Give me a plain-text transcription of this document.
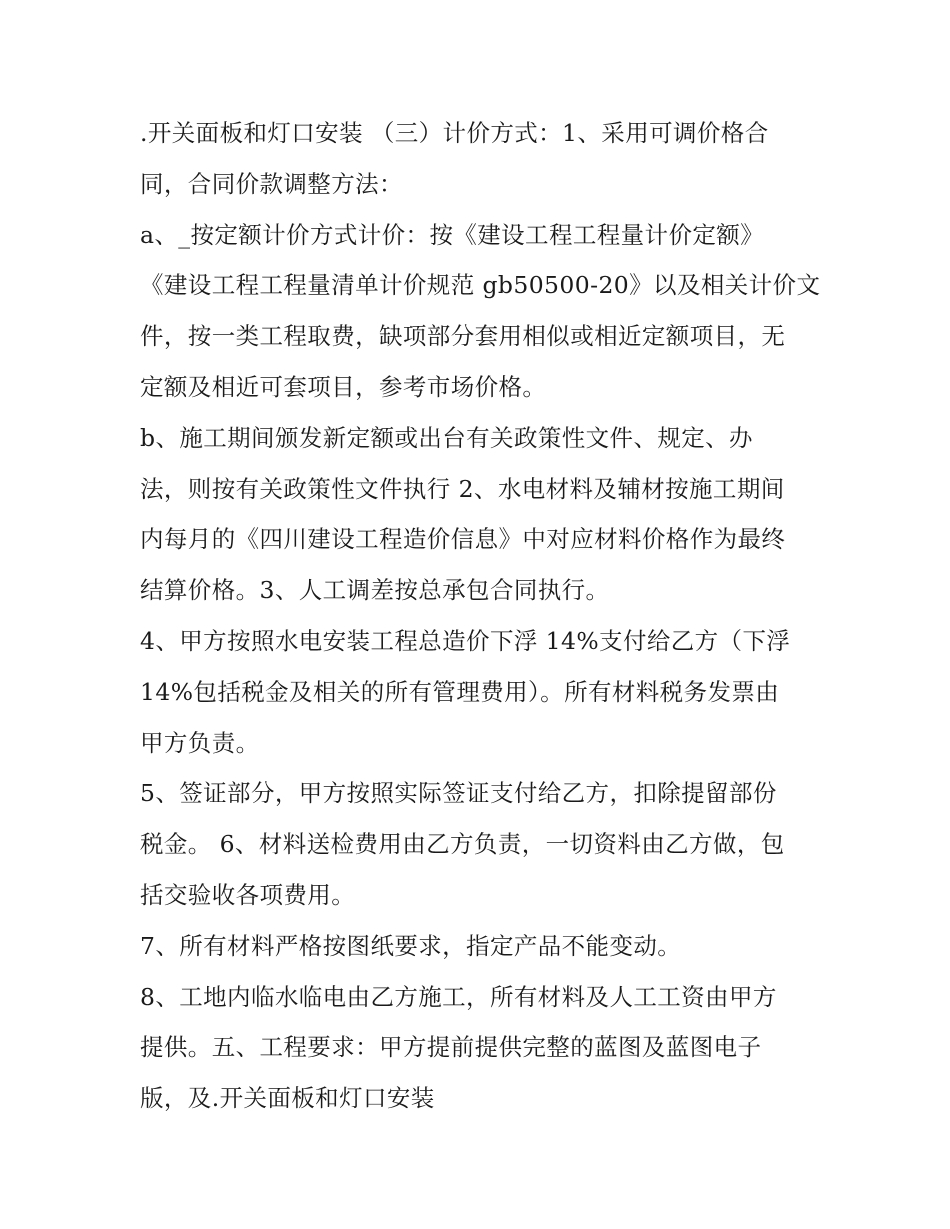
.开关面板和灯口安装 （三）计价方式：1、采用可调价格合
同，合同价款调整方法：
a、_按定额计价方式计价：按《建设工程工程量计价定额》
《建设工程工程量清单计价规范 gb50500-20》以及相关计价文
件，按一类工程取费，缺项部分套用相似或相近定额项目，无
定额及相近可套项目，参考市场价格。
b、施工期间颁发新定额或出台有关政策性文件、规定、办
法，则按有关政策性文件执行 2、水电材料及辅材按施工期间
内每月的《四川建设工程造价信息》中对应材料价格作为最终
结算价格。3、人工调差按总承包合同执行。
4、甲方按照水电安装工程总造价下浮 14%支付给乙方（下浮
14%包括税金及相关的所有管理费用）。所有材料税务发票由
甲方负责。
5、签证部分，甲方按照实际签证支付给乙方，扣除提留部份
税金。 6、材料送检费用由乙方负责，一切资料由乙方做，包
括交验收各项费用。
7、所有材料严格按图纸要求，指定产品不能变动。
8、工地内临水临电由乙方施工，所有材料及人工工资由甲方
提供。五、工程要求：甲方提前提供完整的蓝图及蓝图电子
版，及.开关面板和灯口安装
